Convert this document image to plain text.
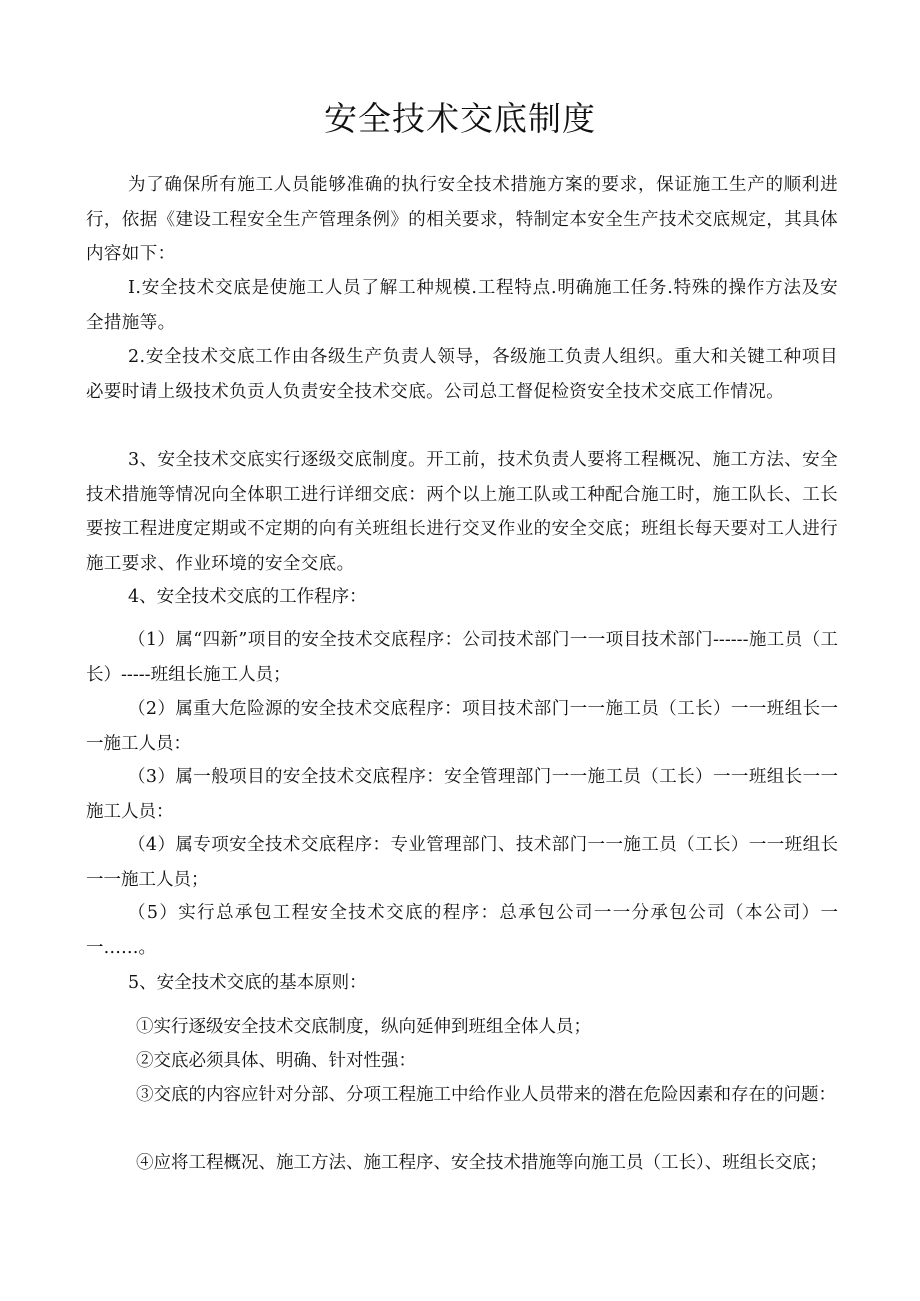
安全技术交底制度

为了确保所有施工人员能够准确的执行安全技术措施方案的要求，保证施工生产的顺利进行，依据《建设工程安全生产管理条例》的相关要求，特制定本安全生产技术交底规定，其具体内容如下：

I.安全技术交底是使施工人员了解工种规模.工程特点.明确施工任务.特殊的操作方法及安全措施等。

2.安全技术交底工作由各级生产负责人领导，各级施工负责人组织。重大和关键工种项目必要时请上级技术负贡人负责安全技术交底。公司总工督促检资安全技术交底工作情况。

3、安全技术交底实行逐级交底制度。开工前，技术负责人要将工程概况、施工方法、安全技术措施等情况向全体职工进行详细交底：两个以上施工队或工种配合施工时，施工队长、工长要按工程进度定期或不定期的向有关班组长进行交叉作业的安全交底；班组长每天要对工人进行施工要求、作业环境的安全交底。

4、安全技术交底的工作程序：

（1）属“四新”项目的安全技术交底程序：公司技术部门一一项目技术部门------施工员（工长）-----班组长施工人员；

（2）属重大危险源的安全技术交底程序：项目技术部门一一施工员（工长）一一班组长一一施工人员：

（3）属一般项目的安全技术交底程序：安全管理部门一一施工员（工长）一一班组长一一施工人员：

（4）属专项安全技术交底程序：专业管理部门、技术部门一一施工员（工长）一一班组长一一施工人员；

（5）实行总承包工程安全技术交底的程序：总承包公司一一分承包公司（本公司）一一……。

5、安全技术交底的基本原则：

①实行逐级安全技术交底制度，纵向延伸到班组全体人员；

②交底必须具体、明确、针对性强：

③交底的内容应针对分部、分项工程施工中给作业人员带来的潜在危险因素和存在的问题：

④应将工程概况、施工方法、施工程序、安全技术措施等向施工员（工长）、班组长交底；
